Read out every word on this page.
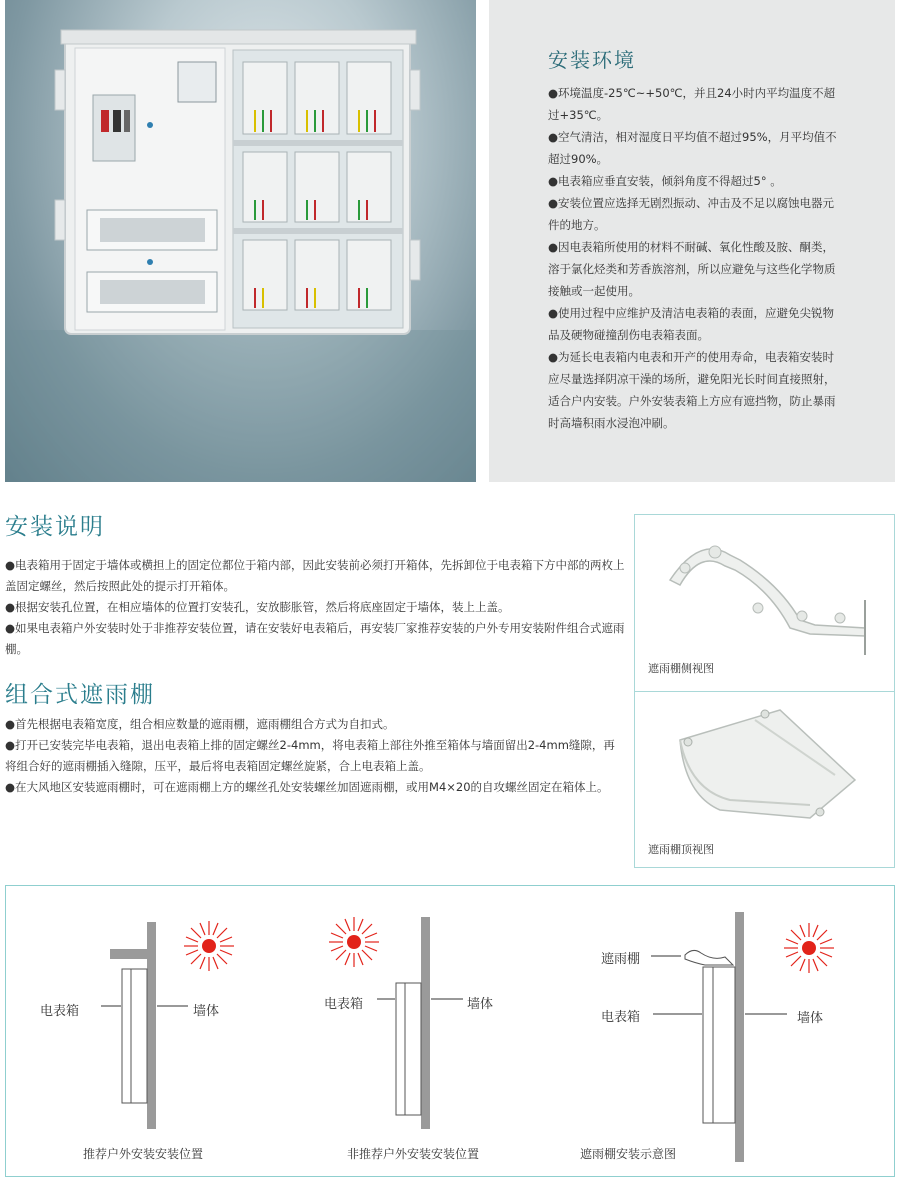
安装环境

●环境温度-25℃~+50℃，并且24小时内平均温度不超过+35℃。

●空气清洁，相对湿度日平均值不超过95%，月平均值不超过90%。

●电表箱应垂直安装，倾斜角度不得超过5° 。

●安装位置应选择无剧烈振动、冲击及不足以腐蚀电器元件的地方。

●因电表箱所使用的材料不耐碱、氧化性酸及胺、酮类，溶于氯化烃类和芳香族溶剂，所以应避免与这些化学物质接触或一起使用。

●使用过程中应维护及清洁电表箱的表面，应避免尖锐物品及硬物碰撞刮伤电表箱表面。

●为延长电表箱内电表和开产的使用寿命，电表箱安装时应尽量选择阴凉干澡的场所，避免阳光长时间直接照射，适合户内安装。户外安装表箱上方应有遮挡物，防止暴雨时高墙积雨水浸泡冲刷。

安装说明

●电表箱用于固定于墙体或横担上的固定位都位于箱内部，因此安装前必须打开箱体，先拆卸位于电表箱下方中部的两枚上盖固定螺丝，然后按照此处的提示打开箱体。

●根据安装孔位置，在相应墙体的位置打安装孔，安放膨胀管，然后将底座固定于墙体，装上上盖。

●如果电表箱户外安装时处于非推荐安装位置，请在安装好电表箱后，再安装厂家推荐安装的户外专用安装附件组合式遮雨棚。

组合式遮雨棚

●首先根据电表箱宽度，组合相应数量的遮雨棚，遮雨棚组合方式为自扣式。

●打开已安装完毕电表箱，退出电表箱上排的固定螺丝2-4mm，将电表箱上部往外推至箱体与墙面留出2-4mm缝隙，再将组合好的遮雨棚插入缝隙，压平，最后将电表箱固定螺丝旋紧，合上电表箱上盖。

●在大风地区安装遮雨棚时，可在遮雨棚上方的螺丝孔处安装螺丝加固遮雨棚，或用M4×20的自攻螺丝固定在箱体上。

遮雨棚侧视图
遮雨棚顶视图
电表箱	墙体
推荐户外安装安装位置
电表箱	墙体
非推荐户外安装安装位置
遮雨棚
电表箱	墙体
遮雨棚安装示意图
